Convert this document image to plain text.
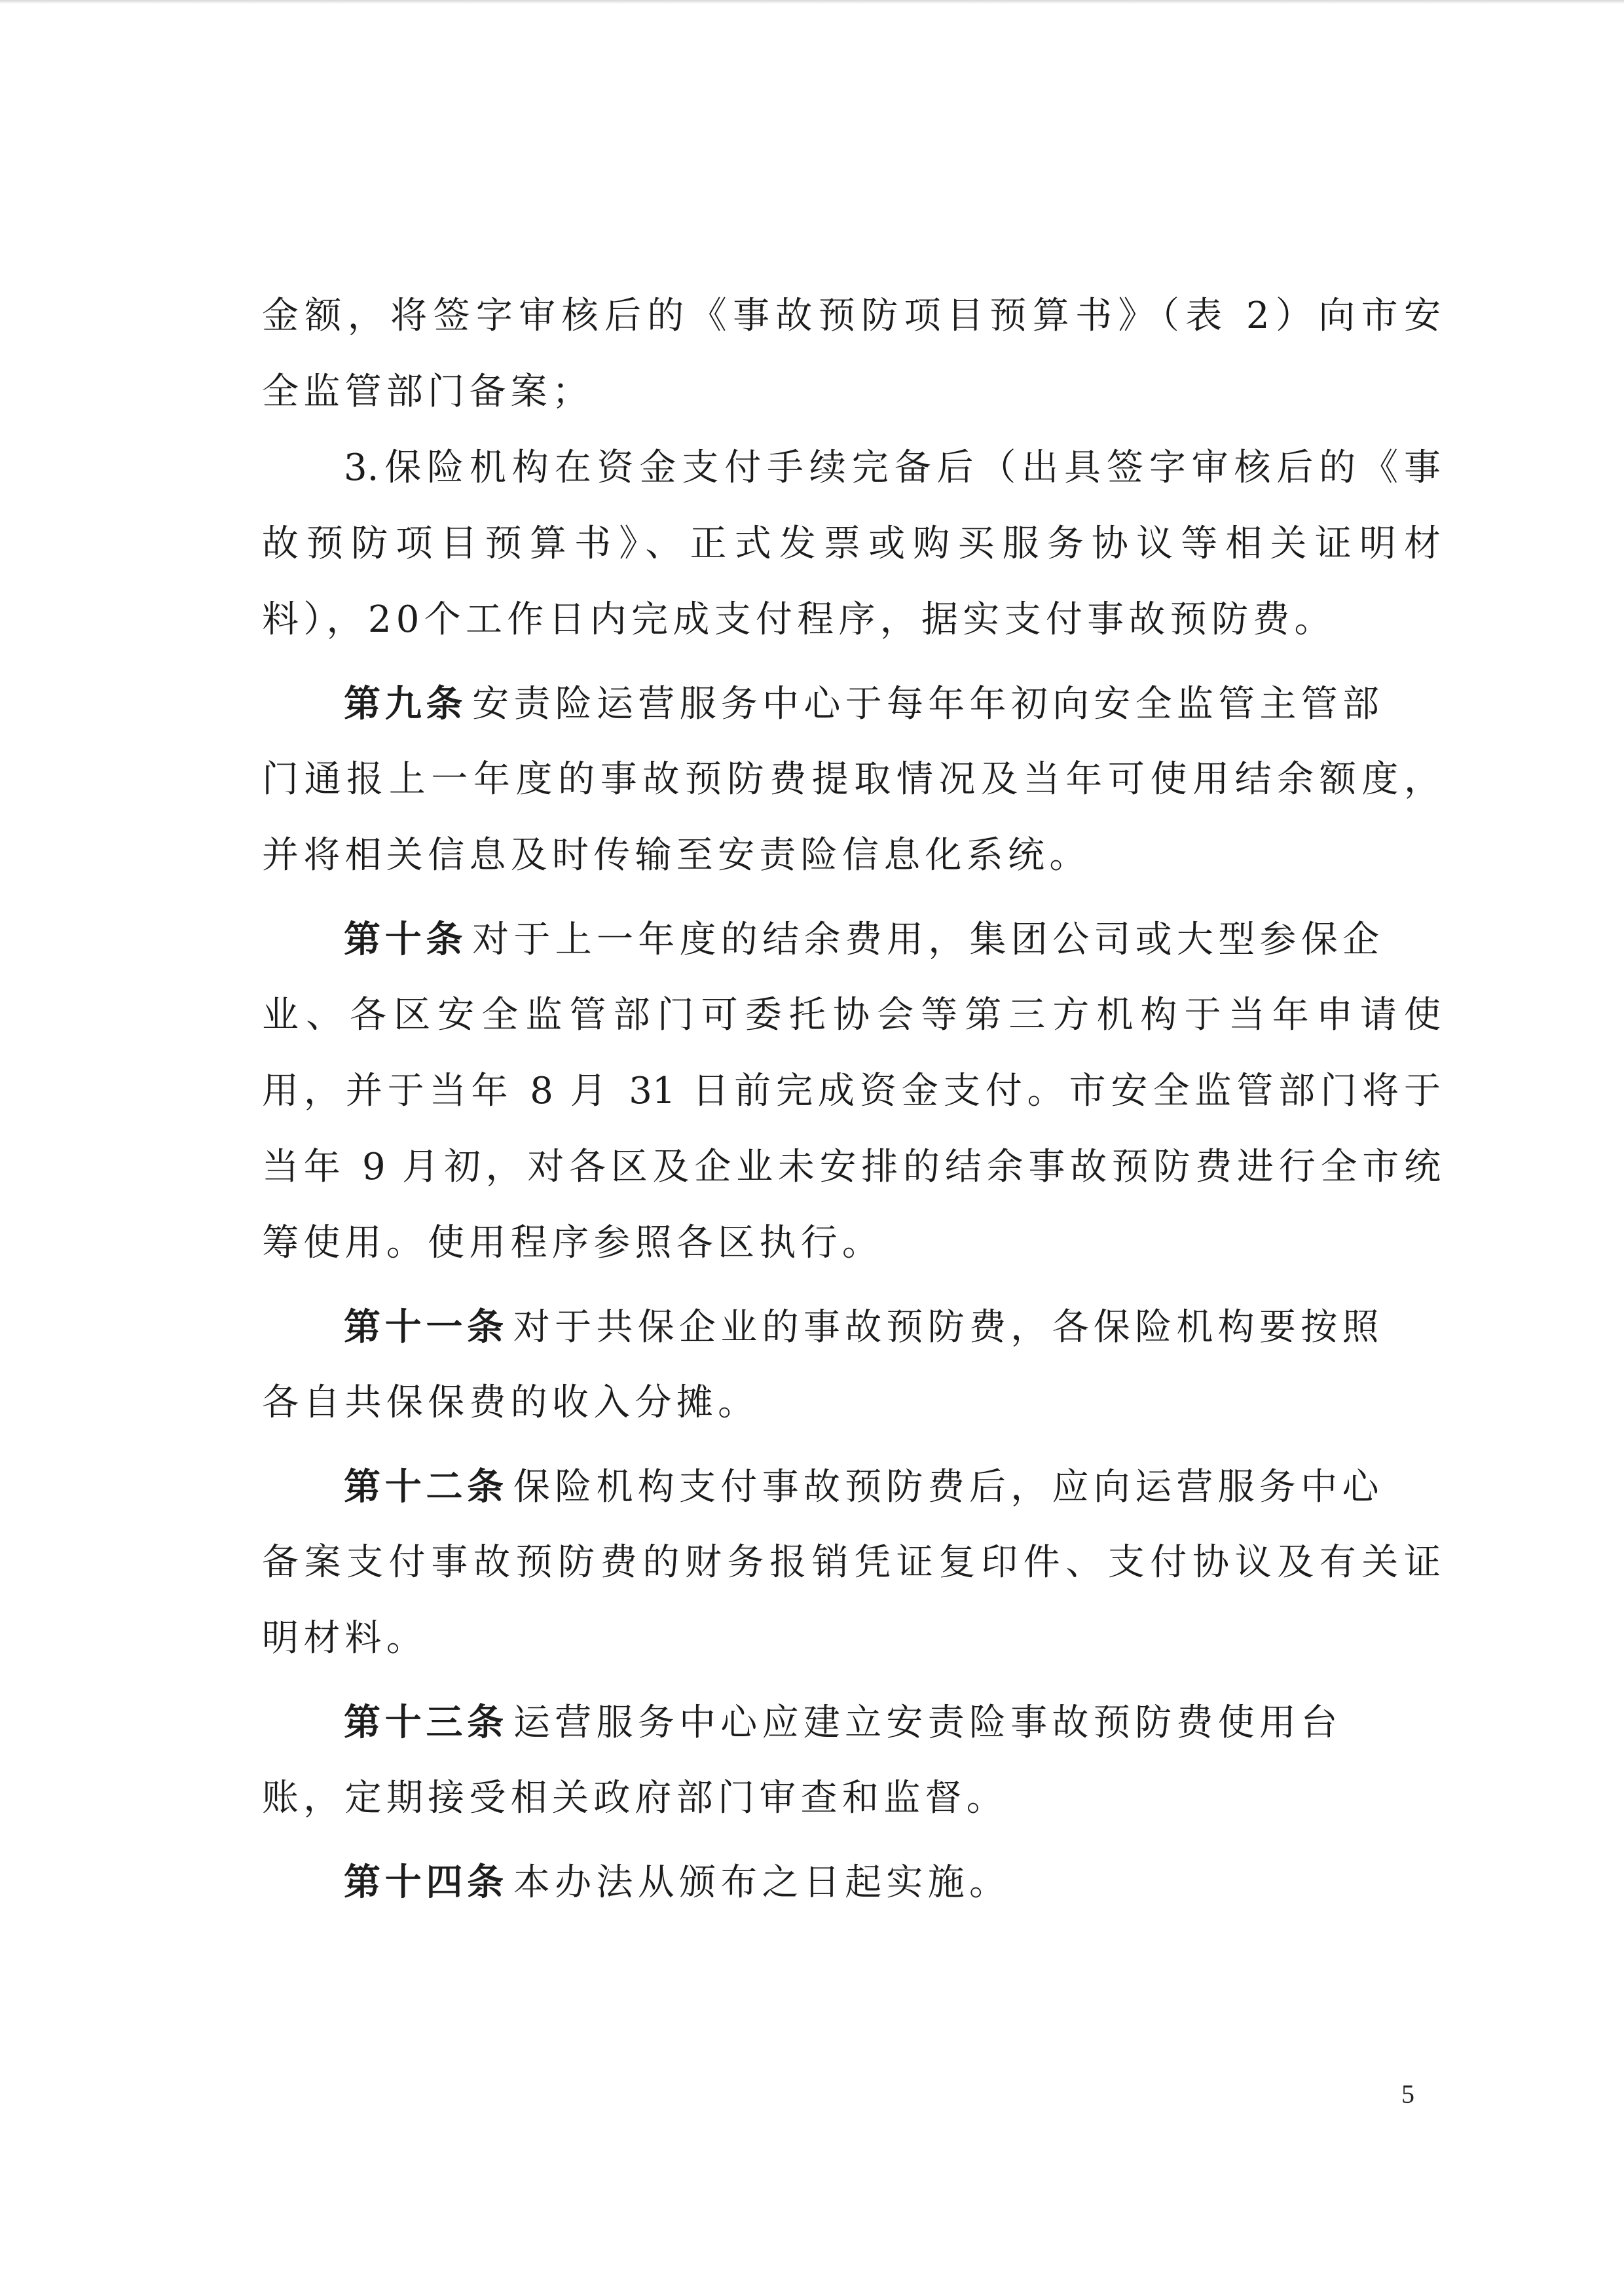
金额，将签字审核后的《事故预防项目预算书》（表 2）向市安
全监管部门备案；
3.保险机构在资金支付手续完备后（出具签字审核后的《事
故预防项目预算书》、正式发票或购买服务协议等相关证明材
料），20个工作日内完成支付程序，据实支付事故预防费。
第九条 安责险运营服务中心于每年年初向安全监管主管部
门通报上一年度的事故预防费提取情况及当年可使用结余额度，
并将相关信息及时传输至安责险信息化系统。
第十条 对于上一年度的结余费用，集团公司或大型参保企
业、各区安全监管部门可委托协会等第三方机构于当年申请使
用，并于当年 8 月 31 日前完成资金支付。市安全监管部门将于
当年 9 月初，对各区及企业未安排的结余事故预防费进行全市统
筹使用。使用程序参照各区执行。
第十一条 对于共保企业的事故预防费，各保险机构要按照
各自共保保费的收入分摊。
第十二条 保险机构支付事故预防费后，应向运营服务中心
备案支付事故预防费的财务报销凭证复印件、支付协议及有关证
明材料。
第十三条 运营服务中心应建立安责险事故预防费使用台
账，定期接受相关政府部门审查和监督。
第十四条 本办法从颁布之日起实施。
5
